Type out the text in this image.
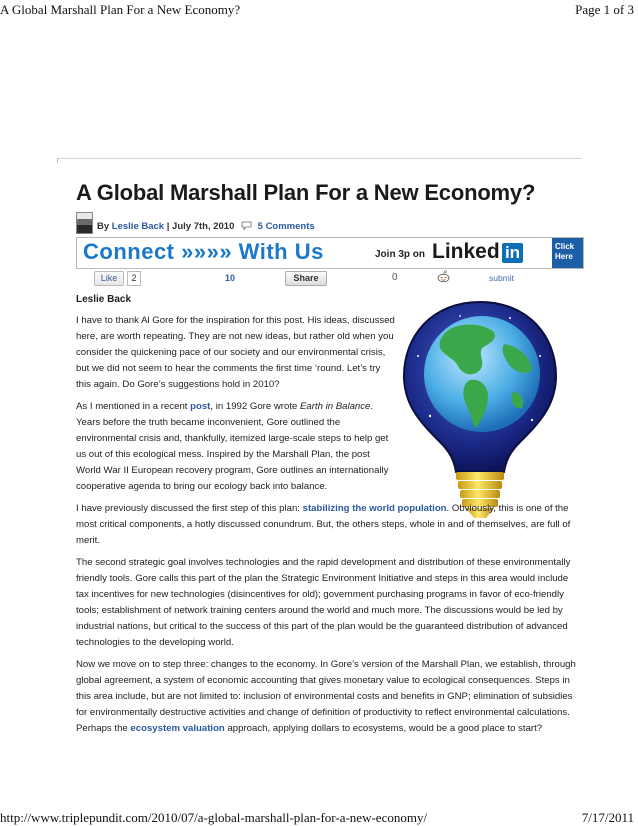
A Global Marshall Plan For a New Economy?	Page 1 of 3
A Global Marshall Plan For a New Economy?
By Leslie Back | July 7th, 2010 5 Comments
Connect »»»» With Us	Join 3p on Linked in	Click
Here
Like	2	10	Share	0	submit

Leslie Back

I have to thank Al Gore for the inspiration for this post. His ideas, discussed here, are worth repeating. They are not new ideas, but rather old when you consider the quickening pace of our society and our environmental crisis, but we did not seem to hear the comments the first time ‘round. Let’s try this again. Do Gore’s suggestions hold in 2010?

As I mentioned in a recent post, in 1992 Gore wrote Earth in Balance. Years before the truth became inconvenient, Gore outlined the environmental crisis and, thankfully, itemized large-scale steps to help get us out of this ecological mess. Inspired by the Marshall Plan, the post World War II European recovery program, Gore outlines an internationally cooperative agenda to bring our ecology back into balance.

I have previously discussed the first step of this plan: stabilizing the world population. Obviously, this is one of the most critical components, a hotly discussed conundrum. But, the others steps, whole in and of themselves, are full of merit.

The second strategic goal involves technologies and the rapid development and distribution of these environmentally friendly tools. Gore calls this part of the plan the Strategic Environment Initiative and steps in this area would include tax incentives for new technologies (disincentives for old); government purchasing programs in favor of eco-friendly tools; establishment of network training centers around the world and much more. The discussions would be led by industrial nations, but critical to the success of this part of the plan would be the guaranteed distribution of advanced technologies to the developing world.

Now we move on to step three: changes to the economy. In Gore’s version of the Marshall Plan, we establish, through global agreement, a system of economic accounting that gives monetary value to ecological consequences. Steps in this area include, but are not limited to: inclusion of environmental costs and benefits in GNP; elimination of subsidies for environmentally destructive activities and change of definition of productivity to reflect environmental calculations. Perhaps the ecosystem valuation approach, applying dollars to ecosystems, would be a good place to start?

http://www.triplepundit.com/2010/07/a-global-marshall-plan-for-a-new-economy/	7/17/2011
